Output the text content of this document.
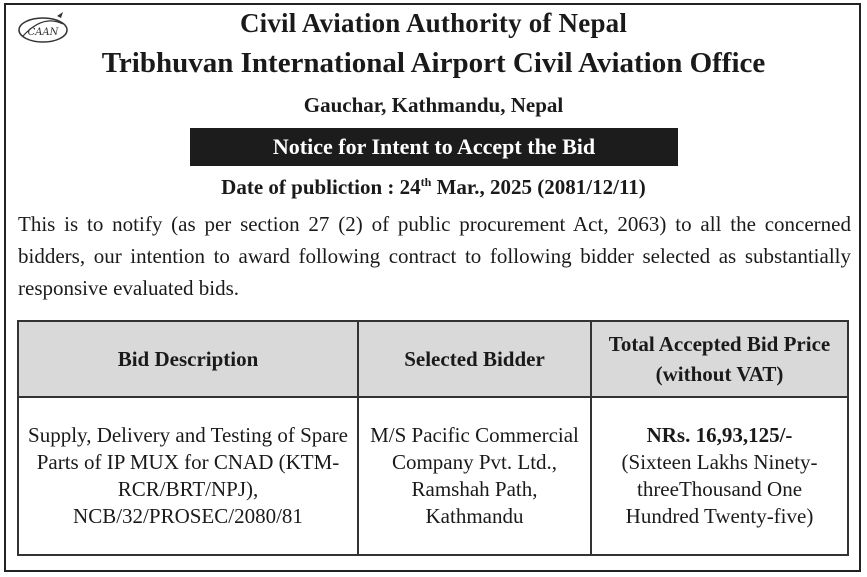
CAAN	Civil Aviation Authority of Nepal
Tribhuvan International Airport Civil Aviation Office
Gauchar, Kathmandu, Nepal
Notice for Intent to Accept the Bid
Date of publiction : 24th Mar., 2025 (2081/12/11)
This is to notify (as per section 27 (2) of public procurement Act, 2063) to all the concerned bidders, our intention to award following contract to following bidder selected as substantially responsive evaluated bids.
Bid Description	Selected Bidder	Total Accepted Bid Price (without VAT)
Supply, Delivery and Testing of Spare Parts of IP MUX for CNAD (KTM-RCR/BRT/NPJ), NCB/32/PROSEC/2080/81	M/S Pacific Commercial Company Pvt. Ltd., Ramshah Path, Kathmandu	NRs. 16,93,125/-
(Sixteen Lakhs Ninety- threeThousand One Hundred Twenty-five)
